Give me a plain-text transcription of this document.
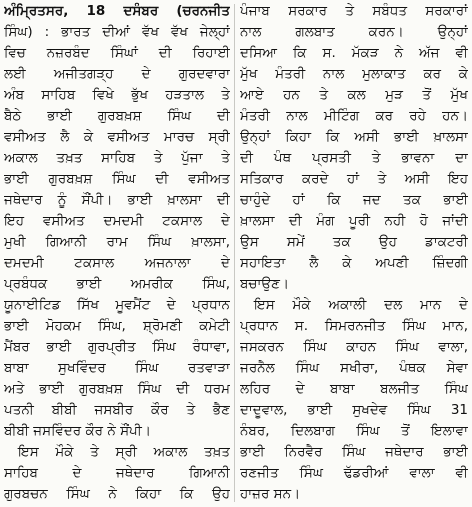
ਅੰਮ੍ਰਿਤਸਰ, 18 ਦਸੰਬਰ (ਚਰਨਜੀਤ
ਸਿੰਘ) : ਭਾਰਤ ਦੀਆਂ ਵੱਖ ਵੱਖ ਜੇਲ੍ਹਾਂ
ਵਿਚ ਨਜ਼ਰਬੰਦ ਸਿੰਘਾਂ ਦੀ ਰਿਹਾਈ
ਲਈ ਅਜੀਤਗੜ੍ਹ ਦੇ ਗੁਰਦਵਾਰਾ
ਅੰਬ ਸਾਹਿਬ ਵਿਖੇ ਭੁੱਖ ਹੜਤਾਲ ਤੇ
ਬੈਠੇ ਭਾਈ ਗੁਰਬਖ਼ਸ਼ ਸਿੰਘ ਦੀ
ਵਸੀਅਤ ਲੈ ਕੇ ਵਸੀਅਤ ਮਾਰਚ ਸ੍ਰੀ
ਅਕਾਲ ਤਖ਼ਤ ਸਾਹਿਬ ਤੇ ਪੁੱਜਾ ਤੇ
ਭਾਈ ਗੁਰਬਖ਼ਸ਼ ਸਿੰਘ ਦੀ ਵਸੀਅਤ
ਜਥੇਦਾਰ ਨੂੰ ਸੌਂਪੀ। ਭਾਈ ਖ਼ਾਲਸਾ ਦੀ
ਇਹ ਵਸੀਅਤ ਦਮਦਮੀ ਟਕਸਾਲ ਦੇ
ਮੁਖੀ ਗਿਆਨੀ ਰਾਮ ਸਿੰਘ ਖ਼ਾਲਸਾ,
ਦਮਦਮੀ ਟਕਸਾਲ ਅਜਨਾਲਾ ਦੇ
ਪ੍ਰਬੰਧਕ ਭਾਈ ਅਮਰੀਕ ਸਿੰਘ,
ਯੂਨਾਈਟਿਡ ਸਿੱਖ ਮੂਵਮੈਂਟ ਦੇ ਪ੍ਰਧਾਨ
ਭਾਈ ਮੋਹਕਮ ਸਿੰਘ, ਸ਼੍ਰੋਮਣੀ ਕਮੇਟੀ
ਮੈਂਬਰ ਭਾਈ ਗੁਰਪ੍ਰੀਤ ਸਿੰਘ ਰੰਧਾਵਾ,
ਬਾਬਾ ਸੁਖਵਿੰਦਰ ਸਿੰਘ ਰਤਵਾੜਾ
ਅਤੇ ਭਾਈ ਗੁਰਬਖ਼ਸ਼ ਸਿੰਘ ਦੀ ਧਰਮ
ਪਤਨੀ ਬੀਬੀ ਜਸਬੀਰ ਕੌਰ ਤੇ ਭੈਣ
ਬੀਬੀ ਜਸਵਿੰਦਰ ਕੌਰ ਨੇ ਸੌਂਪੀ।
ਇਸ ਮੌਕੇ ਤੇ ਸ੍ਰੀ ਅਕਾਲ ਤਖ਼ਤ
ਸਾਹਿਬ ਦੇ ਜਥੇਦਾਰ ਗਿਆਨੀ
ਗੁਰਬਚਨ ਸਿੰਘ ਨੇ ਕਿਹਾ ਕਿ ਉਹ
ਪੰਜਾਬ ਸਰਕਾਰ ਤੇ ਸਬੰਧਤ ਸਰਕਾਰਾਂ
ਨਾਲ ਗਲਬਾਤ ਕਰਨ। ਉਨ੍ਹਾਂ
ਦਸਿਆ ਕਿ ਸ. ਮੱਕੜ ਨੇ ਅੱਜ ਵੀ
ਮੁੱਖ ਮੰਤਰੀ ਨਾਲ ਮੁਲਾਕਾਤ ਕਰ ਕੇ
ਆਏ ਹਨ ਤੇ ਕਲ ਮੁੜ ਤੋਂ ਮੁੱਖ
ਮੰਤਰੀ ਨਾਲ ਮੀਟਿੰਗ ਕਰ ਰਹੇ ਹਨ।
ਉਨ੍ਹਾਂ ਕਿਹਾ ਕਿ ਅਸੀ ਭਾਈ ਖ਼ਾਲਸਾ
ਦੀ ਪੰਥ ਪ੍ਰਸਤੀ ਤੇ ਭਾਵਨਾ ਦਾ
ਸਤਿਕਾਰ ਕਰਦੇ ਹਾਂ ਤੇ ਅਸੀ ਇਹ
ਚਾਹੁੰਦੇ ਹਾਂ ਕਿ ਜਦ ਤਕ ਭਾਈ
ਖ਼ਾਲਸਾ ਦੀ ਮੰਗ ਪੂਰੀ ਨਹੀ ਹੋ ਜਾਂਦੀ
ਉਸ ਸਮੇਂ ਤਕ ਉਹ ਡਾਕਟਰੀ
ਸਹਾਇਤਾ ਲੈ ਕੇ ਅਪਣੀ ਜ਼ਿੰਦਗੀ
ਬਚਾਉਣ।
ਇਸ ਮੌਕੇ ਅਕਾਲੀ ਦਲ ਮਾਨ ਦੇ
ਪ੍ਰਧਾਨ ਸ. ਸਿਮਰਨਜੀਤ ਸਿੰਘ ਮਾਨ,
ਜਸਕਰਨ ਸਿੰਘ ਕਾਹਨ ਸਿੰਘ ਵਾਲਾ,
ਜਰਨੈਲ ਸਿੰਘ ਸਖੀਰਾ, ਪੰਥਕ ਸੇਵਾ
ਲਹਿਰ ਦੇ ਬਾਬਾ ਬਲਜੀਤ ਸਿੰਘ
ਦਾਦੂਵਾਲ, ਭਾਈ ਸੁਖਦੇਵ ਸਿੰਘ 31
ਨੰਬਰ, ਦਿਲਬਾਗ ਸਿੰਘ ਤੋਂ ਇਲਾਵਾ
ਭਾਈ ਨਿਰਵੈਰ ਸਿੰਘ ਜਥੇਦਾਰ ਭਾਈ
ਰਣਜੀਤ ਸਿੰਘ ਢੱਡਰੀਆਂ ਵਾਲਾ ਵੀ
ਹਾਜ਼ਰ ਸਨ।
